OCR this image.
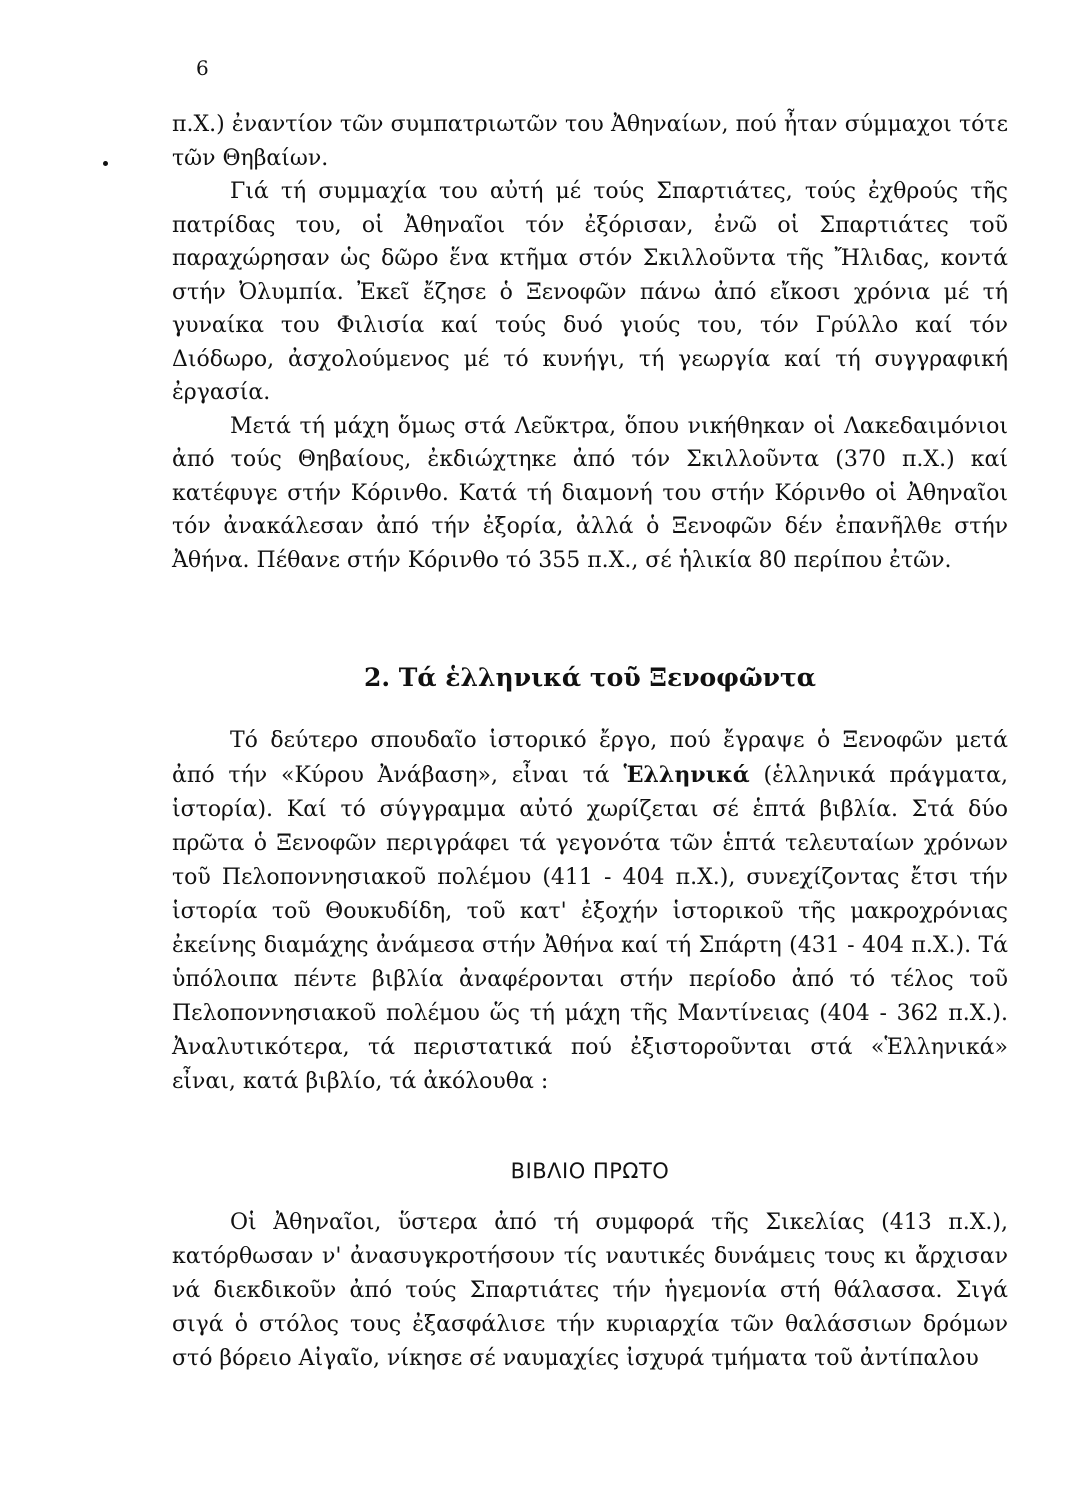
6

π.Χ.) ἐναντίον τῶν συμπατριωτῶν του Ἀθηναίων, πού ἦταν σύμμαχοι τότε τῶν Θηβαίων.

Γιά τή συμμαχία του αὐτή μέ τούς Σπαρτιάτες, τούς ἐχθρούς τῆς πατρίδας του, οἱ Ἀθηναῖοι τόν ἐξόρισαν, ἐνῶ οἱ Σπαρτιάτες τοῦ παραχώρησαν ὡς δῶρο ἕνα κτῆμα στόν Σκιλλοῦντα τῆς Ἤλιδας, κοντά στήν Ὀλυμπία. Ἐκεῖ ἔζησε ὁ Ξενοφῶν πάνω ἀπό εἴκοσι χρόνια μέ τή γυναίκα του Φιλισία καί τούς δυό γιούς του, τόν Γρύλλο καί τόν Διόδωρο, ἀσχολούμενος μέ τό κυνήγι, τή γεωργία καί τή συγγραφική ἐργασία.

Μετά τή μάχη ὅμως στά Λεῦκτρα, ὅπου νικήθηκαν οἱ Λακεδαιμόνιοι ἀπό τούς Θηβαίους, ἐκδιώχτηκε ἀπό τόν Σκιλλοῦντα (370 π.Χ.) καί κατέφυγε στήν Κόρινθο. Κατά τή διαμονή του στήν Κόρινθο οἱ Ἀθηναῖοι τόν ἀνακάλεσαν ἀπό τήν ἐξορία, ἀλλά ὁ Ξενοφῶν δέν ἐπανῆλθε στήν Ἀθήνα. Πέθανε στήν Κόρινθο τό 355 π.Χ., σέ ἡλικία 80 περίπου ἐτῶν.

2. Τά ἑλληνικά τοῦ Ξενοφῶντα

Τό δεύτερο σπουδαῖο ἱστορικό ἔργο, πού ἔγραψε ὁ Ξενοφῶν μετά ἀπό τήν «Κύρου Ἀνάβαση», εἶναι τά Ἑλληνικά (ἑλληνικά πράγματα, ἱστορία). Καί τό σύγγραμμα αὐτό χωρίζεται σέ ἑπτά βιβλία. Στά δύο πρῶτα ὁ Ξενοφῶν περιγράφει τά γεγονότα τῶν ἑπτά τελευταίων χρόνων τοῦ Πελοποννησιακοῦ πολέμου (411 - 404 π.Χ.), συνεχίζοντας ἔτσι τήν ἱστορία τοῦ Θουκυδίδη, τοῦ κατ' ἐξοχήν ἱστορικοῦ τῆς μακροχρόνιας ἐκείνης διαμάχης ἀνάμεσα στήν Ἀθήνα καί τή Σπάρτη (431 - 404 π.Χ.). Τά ὑπόλοιπα πέντε βιβλία ἀναφέρονται στήν περίοδο ἀπό τό τέλος τοῦ Πελοποννησιακοῦ πολέμου ὥς τή μάχη τῆς Μαντίνειας (404 - 362 π.Χ.). Ἀναλυτικότερα, τά περιστατικά πού ἐξιστοροῦνται στά «Ἑλληνικά» εἶναι, κατά βιβλίο, τά ἀκόλουθα :

ΒΙΒΛΙΟ ΠΡΩΤΟ

Οἱ Ἀθηναῖοι, ὕστερα ἀπό τή συμφορά τῆς Σικελίας (413 π.Χ.), κατόρθωσαν ν' ἀνασυγκροτήσουν τίς ναυτικές δυνάμεις τους κι ἄρχισαν νά διεκδικοῦν ἀπό τούς Σπαρτιάτες τήν ἡγεμονία στή θάλασσα. Σιγά σιγά ὁ στόλος τους ἐξασφάλισε τήν κυριαρχία τῶν θαλάσσιων δρόμων στό βόρειο Αἰγαῖο, νίκησε σέ ναυμαχίες ἰσχυρά τμήματα τοῦ ἀντίπαλου
